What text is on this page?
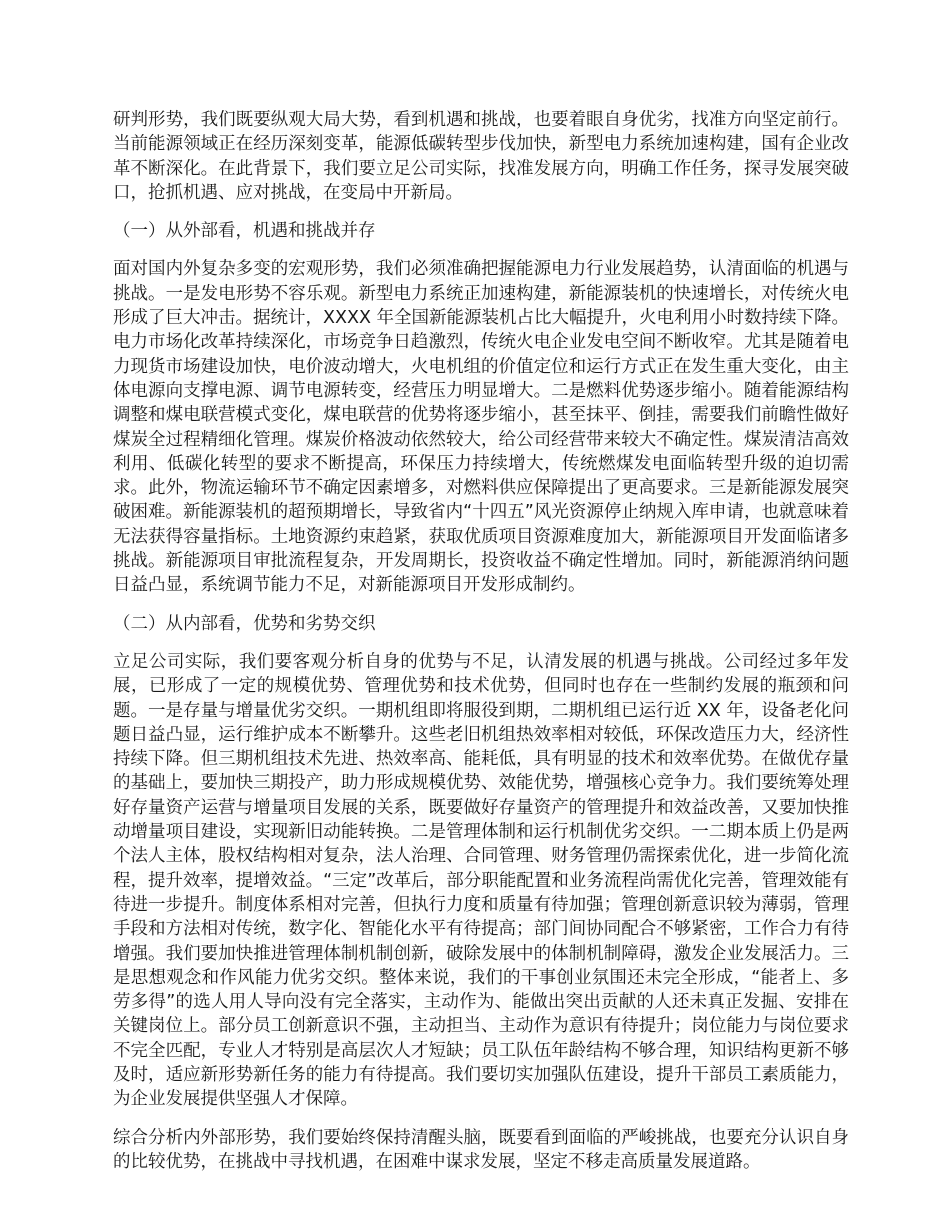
研判形势，我们既要纵观大局大势，看到机遇和挑战，也要着眼自身优劣，找准方向坚定前行。当前能源领域正在经历深刻变革，能源低碳转型步伐加快，新型电力系统加速构建，国有企业改革不断深化。在此背景下，我们要立足公司实际，找准发展方向，明确工作任务，探寻发展突破口，抢抓机遇、应对挑战，在变局中开新局。

（一）从外部看，机遇和挑战并存

面对国内外复杂多变的宏观形势，我们必须准确把握能源电力行业发展趋势，认清面临的机遇与挑战。一是发电形势不容乐观。新型电力系统正加速构建，新能源装机的快速增长，对传统火电形成了巨大冲击。据统计，XXXX 年全国新能源装机占比大幅提升，火电利用小时数持续下降。电力市场化改革持续深化，市场竞争日趋激烈，传统火电企业发电空间不断收窄。尤其是随着电力现货市场建设加快，电价波动增大，火电机组的价值定位和运行方式正在发生重大变化，由主体电源向支撑电源、调节电源转变，经营压力明显增大。二是燃料优势逐步缩小。随着能源结构调整和煤电联营模式变化，煤电联营的优势将逐步缩小，甚至抹平、倒挂，需要我们前瞻性做好煤炭全过程精细化管理。煤炭价格波动依然较大，给公司经营带来较大不确定性。煤炭清洁高效利用、低碳化转型的要求不断提高，环保压力持续增大，传统燃煤发电面临转型升级的迫切需求。此外，物流运输环节不确定因素增多，对燃料供应保障提出了更高要求。三是新能源发展突破困难。新能源装机的超预期增长，导致省内“十四五”风光资源停止纳规入库申请，也就意味着无法获得容量指标。土地资源约束趋紧，获取优质项目资源难度加大，新能源项目开发面临诸多挑战。新能源项目审批流程复杂，开发周期长，投资收益不确定性增加。同时，新能源消纳问题日益凸显，系统调节能力不足，对新能源项目开发形成制约。

（二）从内部看，优势和劣势交织

立足公司实际，我们要客观分析自身的优势与不足，认清发展的机遇与挑战。公司经过多年发展，已形成了一定的规模优势、管理优势和技术优势，但同时也存在一些制约发展的瓶颈和问题。一是存量与增量优劣交织。一期机组即将服役到期，二期机组已运行近 XX 年，设备老化问题日益凸显，运行维护成本不断攀升。这些老旧机组热效率相对较低，环保改造压力大，经济性持续下降。但三期机组技术先进、热效率高、能耗低，具有明显的技术和效率优势。在做优存量的基础上，要加快三期投产，助力形成规模优势、效能优势，增强核心竞争力。我们要统筹处理好存量资产运营与增量项目发展的关系，既要做好存量资产的管理提升和效益改善，又要加快推动增量项目建设，实现新旧动能转换。二是管理体制和运行机制优劣交织。一二期本质上仍是两个法人主体，股权结构相对复杂，法人治理、合同管理、财务管理仍需探索优化，进一步简化流程，提升效率，提增效益。“三定”改革后，部分职能配置和业务流程尚需优化完善，管理效能有待进一步提升。制度体系相对完善，但执行力度和质量有待加强；管理创新意识较为薄弱，管理手段和方法相对传统，数字化、智能化水平有待提高；部门间协同配合不够紧密，工作合力有待增强。我们要加快推进管理体制机制创新，破除发展中的体制机制障碍，激发企业发展活力。三是思想观念和作风能力优劣交织。整体来说，我们的干事创业氛围还未完全形成，“能者上、多劳多得”的选人用人导向没有完全落实，主动作为、能做出突出贡献的人还未真正发掘、安排在关键岗位上。部分员工创新意识不强，主动担当、主动作为意识有待提升；岗位能力与岗位要求不完全匹配，专业人才特别是高层次人才短缺；员工队伍年龄结构不够合理，知识结构更新不够及时，适应新形势新任务的能力有待提高。我们要切实加强队伍建设，提升干部员工素质能力，为企业发展提供坚强人才保障。

综合分析内外部形势，我们要始终保持清醒头脑，既要看到面临的严峻挑战，也要充分认识自身的比较优势，在挑战中寻找机遇，在困难中谋求发展，坚定不移走高质量发展道路。
